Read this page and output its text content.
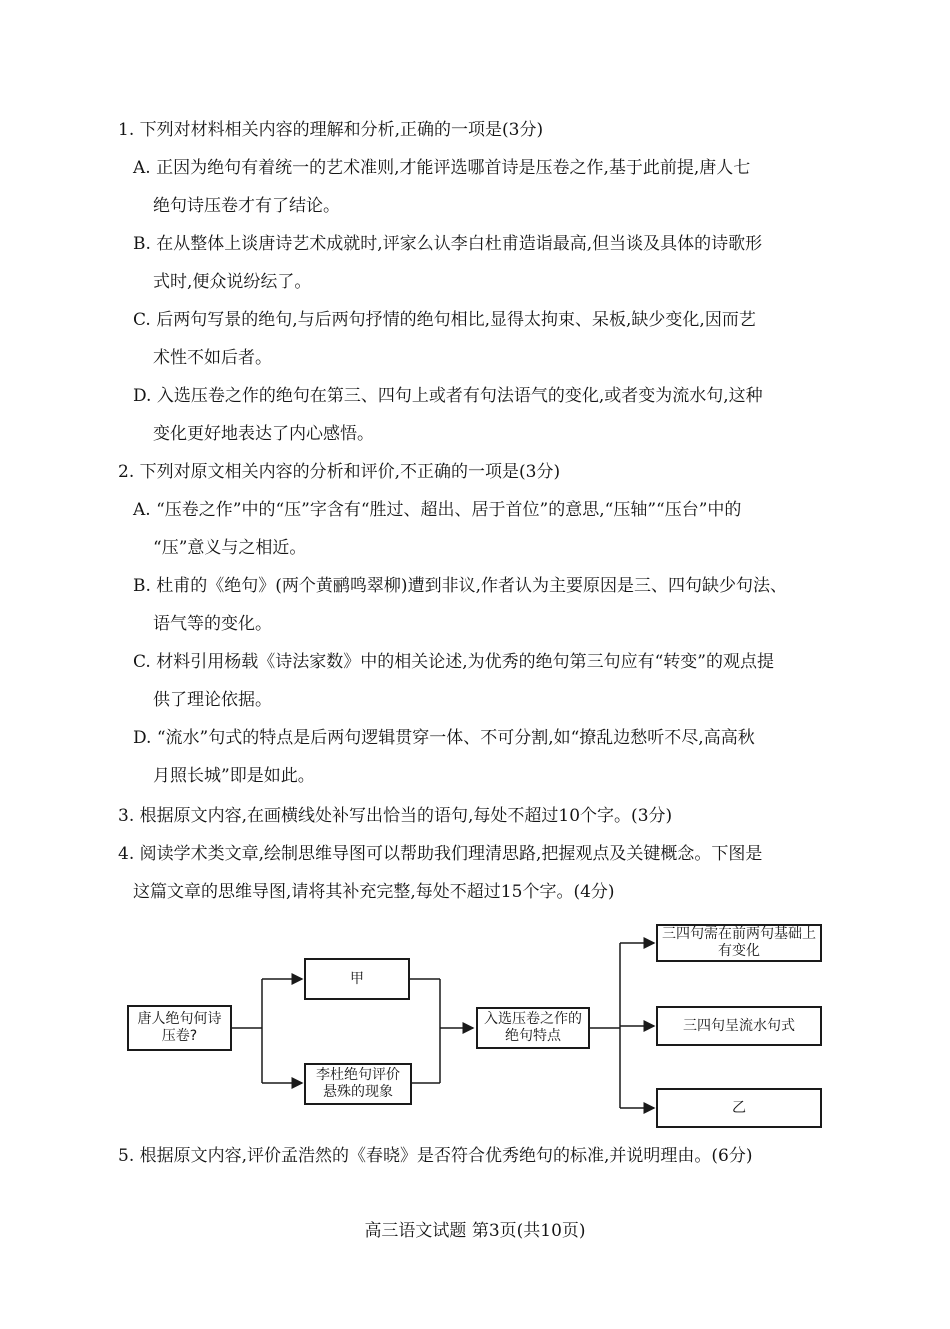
1. 下列对材料相关内容的理解和分析,正确的一项是(3分)
A. 正因为绝句有着统一的艺术准则,才能评选哪首诗是压卷之作,基于此前提,唐人七
绝句诗压卷才有了结论。
B. 在从整体上谈唐诗艺术成就时,评家么认李白杜甫造诣最高,但当谈及具体的诗歌形
式时,便众说纷纭了。
C. 后两句写景的绝句,与后两句抒情的绝句相比,显得太拘束、呆板,缺少变化,因而艺
术性不如后者。
D. 入选压卷之作的绝句在第三、四句上或者有句法语气的变化,或者变为流水句,这种
变化更好地表达了内心感悟。
2. 下列对原文相关内容的分析和评价,不正确的一项是(3分)
A. “压卷之作”中的“压”字含有“胜过、超出、居于首位”的意思,“压轴”“压台”中的
“压”意义与之相近。
B. 杜甫的《绝句》(两个黄鹂鸣翠柳)遭到非议,作者认为主要原因是三、四句缺少句法、
语气等的变化。
C. 材料引用杨载《诗法家数》中的相关论述,为优秀的绝句第三句应有“转变”的观点提
供了理论依据。
D. “流水”句式的特点是后两句逻辑贯穿一体、不可分割,如“撩乱边愁听不尽,高高秋
月照长城”即是如此。
3. 根据原文内容,在画横线处补写出恰当的语句,每处不超过10个字。(3分)
4. 阅读学术类文章,绘制思维导图可以帮助我们理清思路,把握观点及关键概念。下图是
这篇文章的思维导图,请将其补充完整,每处不超过15个字。(4分)
唐人绝句何诗压卷?
甲
李杜绝句评价悬殊的现象
入选压卷之作的绝句特点
三四句需在前两句基础上有变化
三四句呈流水句式
乙
5. 根据原文内容,评价孟浩然的《春晓》是否符合优秀绝句的标准,并说明理由。(6分)
高三语文试题 第3页(共10页)
